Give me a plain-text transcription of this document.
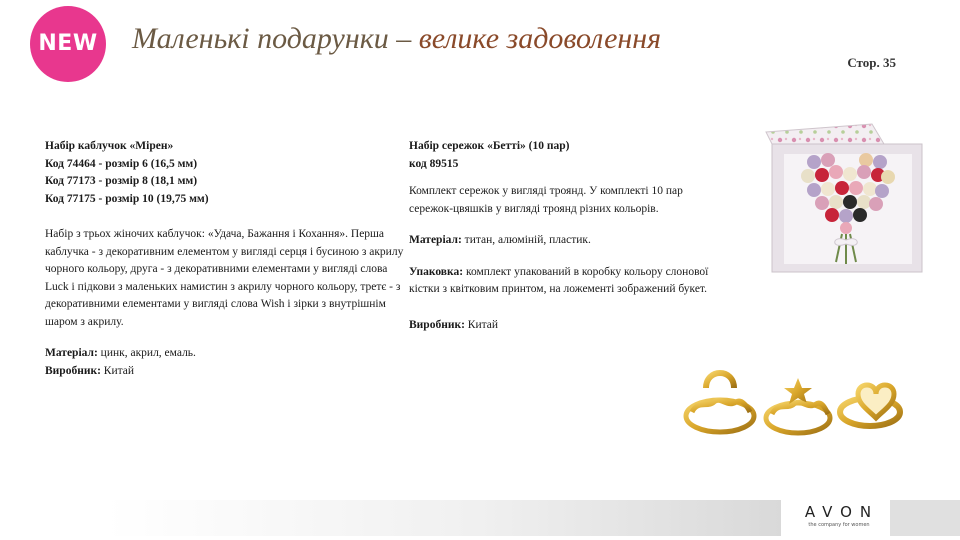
NEW Маленькі подарунки – велике задоволення
Стор. 35

Набір каблучок «Мірен»

Код 74464 - розмір 6 (16,5 мм)

Код 77173 - розмір 8 (18,1 мм)

Код 77175 - розмір 10 (19,75 мм)

Набір з трьох жіночих каблучок: «Удача, Бажання і Кохання». Перша каблучка - з декоративним елементом у вигляді серця і бусиною з акрилу чорного кольору, друга - з декоративними елементами у вигляді слова Luck і підкови з маленьких намистин з акрилу чорного кольору, третє - з декоративними елементами у вигляді слова Wish і зірки з внутрішнім шаром з акрилу.

Матеріал: цинк, акрил, емаль.

Виробник: Китай

Набір сережок «Бетті» (10 пар)

код 89515

Комплект сережок у вигляді троянд. У комплекті 10 пар сережок-цвяшків у вигляді троянд різних кольорів.

Матеріал: титан, алюміній, пластик.

Упаковка: комплект упакований в коробку кольору слонової кістки з квітковим принтом, на ложементі зображений букет.

Виробник: Китай

AVON
the company for women
